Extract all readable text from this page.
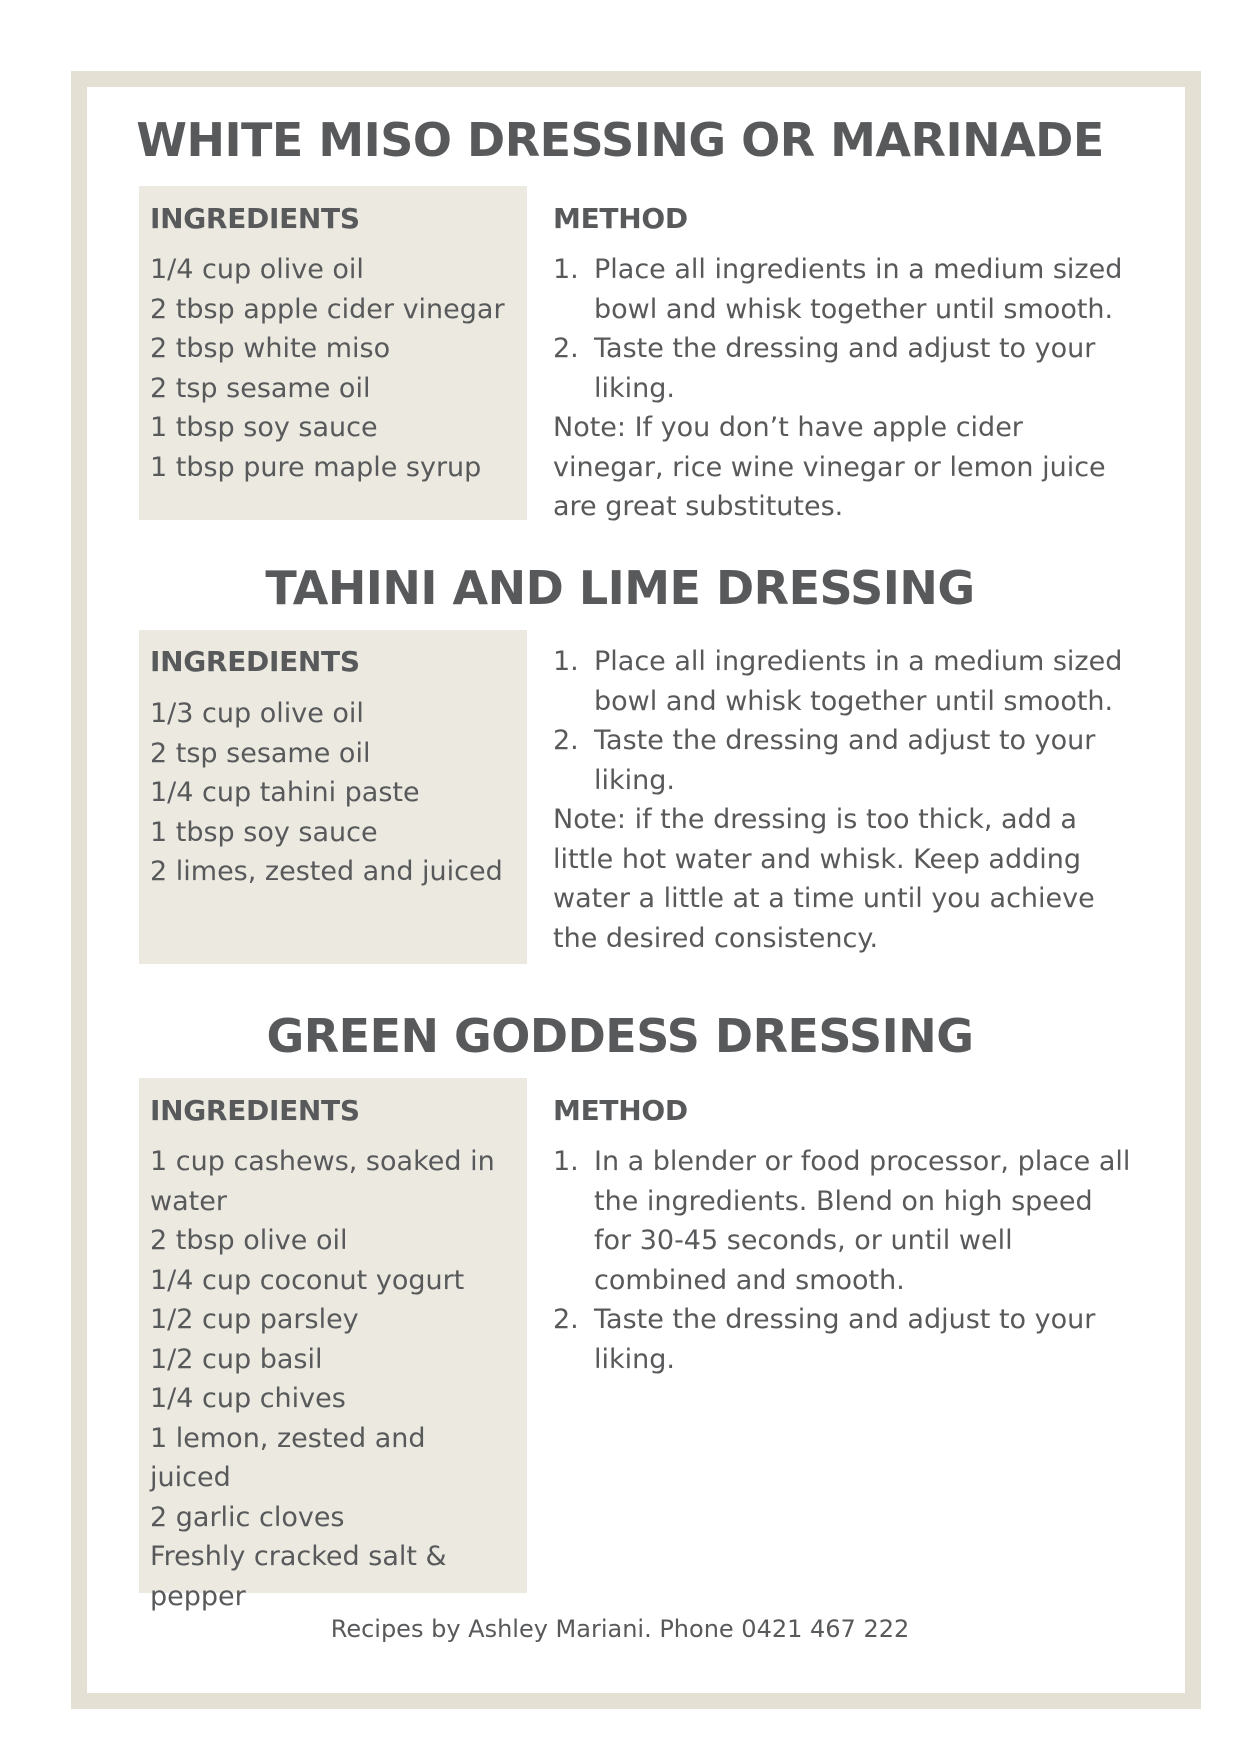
WHITE MISO DRESSING OR MARINADE
INGREDIENTS
1/4 cup olive oil
2 tbsp apple cider vinegar
2 tbsp white miso
2 tsp sesame oil
1 tbsp soy sauce
1 tbsp pure maple syrup
METHOD
1. Place all ingredients in a medium sized bowl and whisk together until smooth.
2. Taste the dressing and adjust to your liking.

Note: If you don’t have apple cider vinegar, rice wine vinegar or lemon juice are great substitutes.

TAHINI AND LIME DRESSING
INGREDIENTS
1/3 cup olive oil
2 tsp sesame oil
1/4 cup tahini paste
1 tbsp soy sauce
2 limes, zested and juiced
1. Place all ingredients in a medium sized bowl and whisk together until smooth.
2. Taste the dressing and adjust to your liking.

Note: if the dressing is too thick, add a little hot water and whisk. Keep adding water a little at a time until you achieve the desired consistency.

GREEN GODDESS DRESSING
INGREDIENTS
1 cup cashews, soaked in water
2 tbsp olive oil
1/4 cup coconut yogurt
1/2 cup parsley
1/2 cup basil
1/4 cup chives
1 lemon, zested and juiced
2 garlic cloves
Freshly cracked salt & pepper
METHOD
1. In a blender or food processor, place all the ingredients. Blend on high speed for 30-45 seconds, or until well combined and smooth.
2. Taste the dressing and adjust to your liking.

Recipes by Ashley Mariani. Phone 0421 467 222
